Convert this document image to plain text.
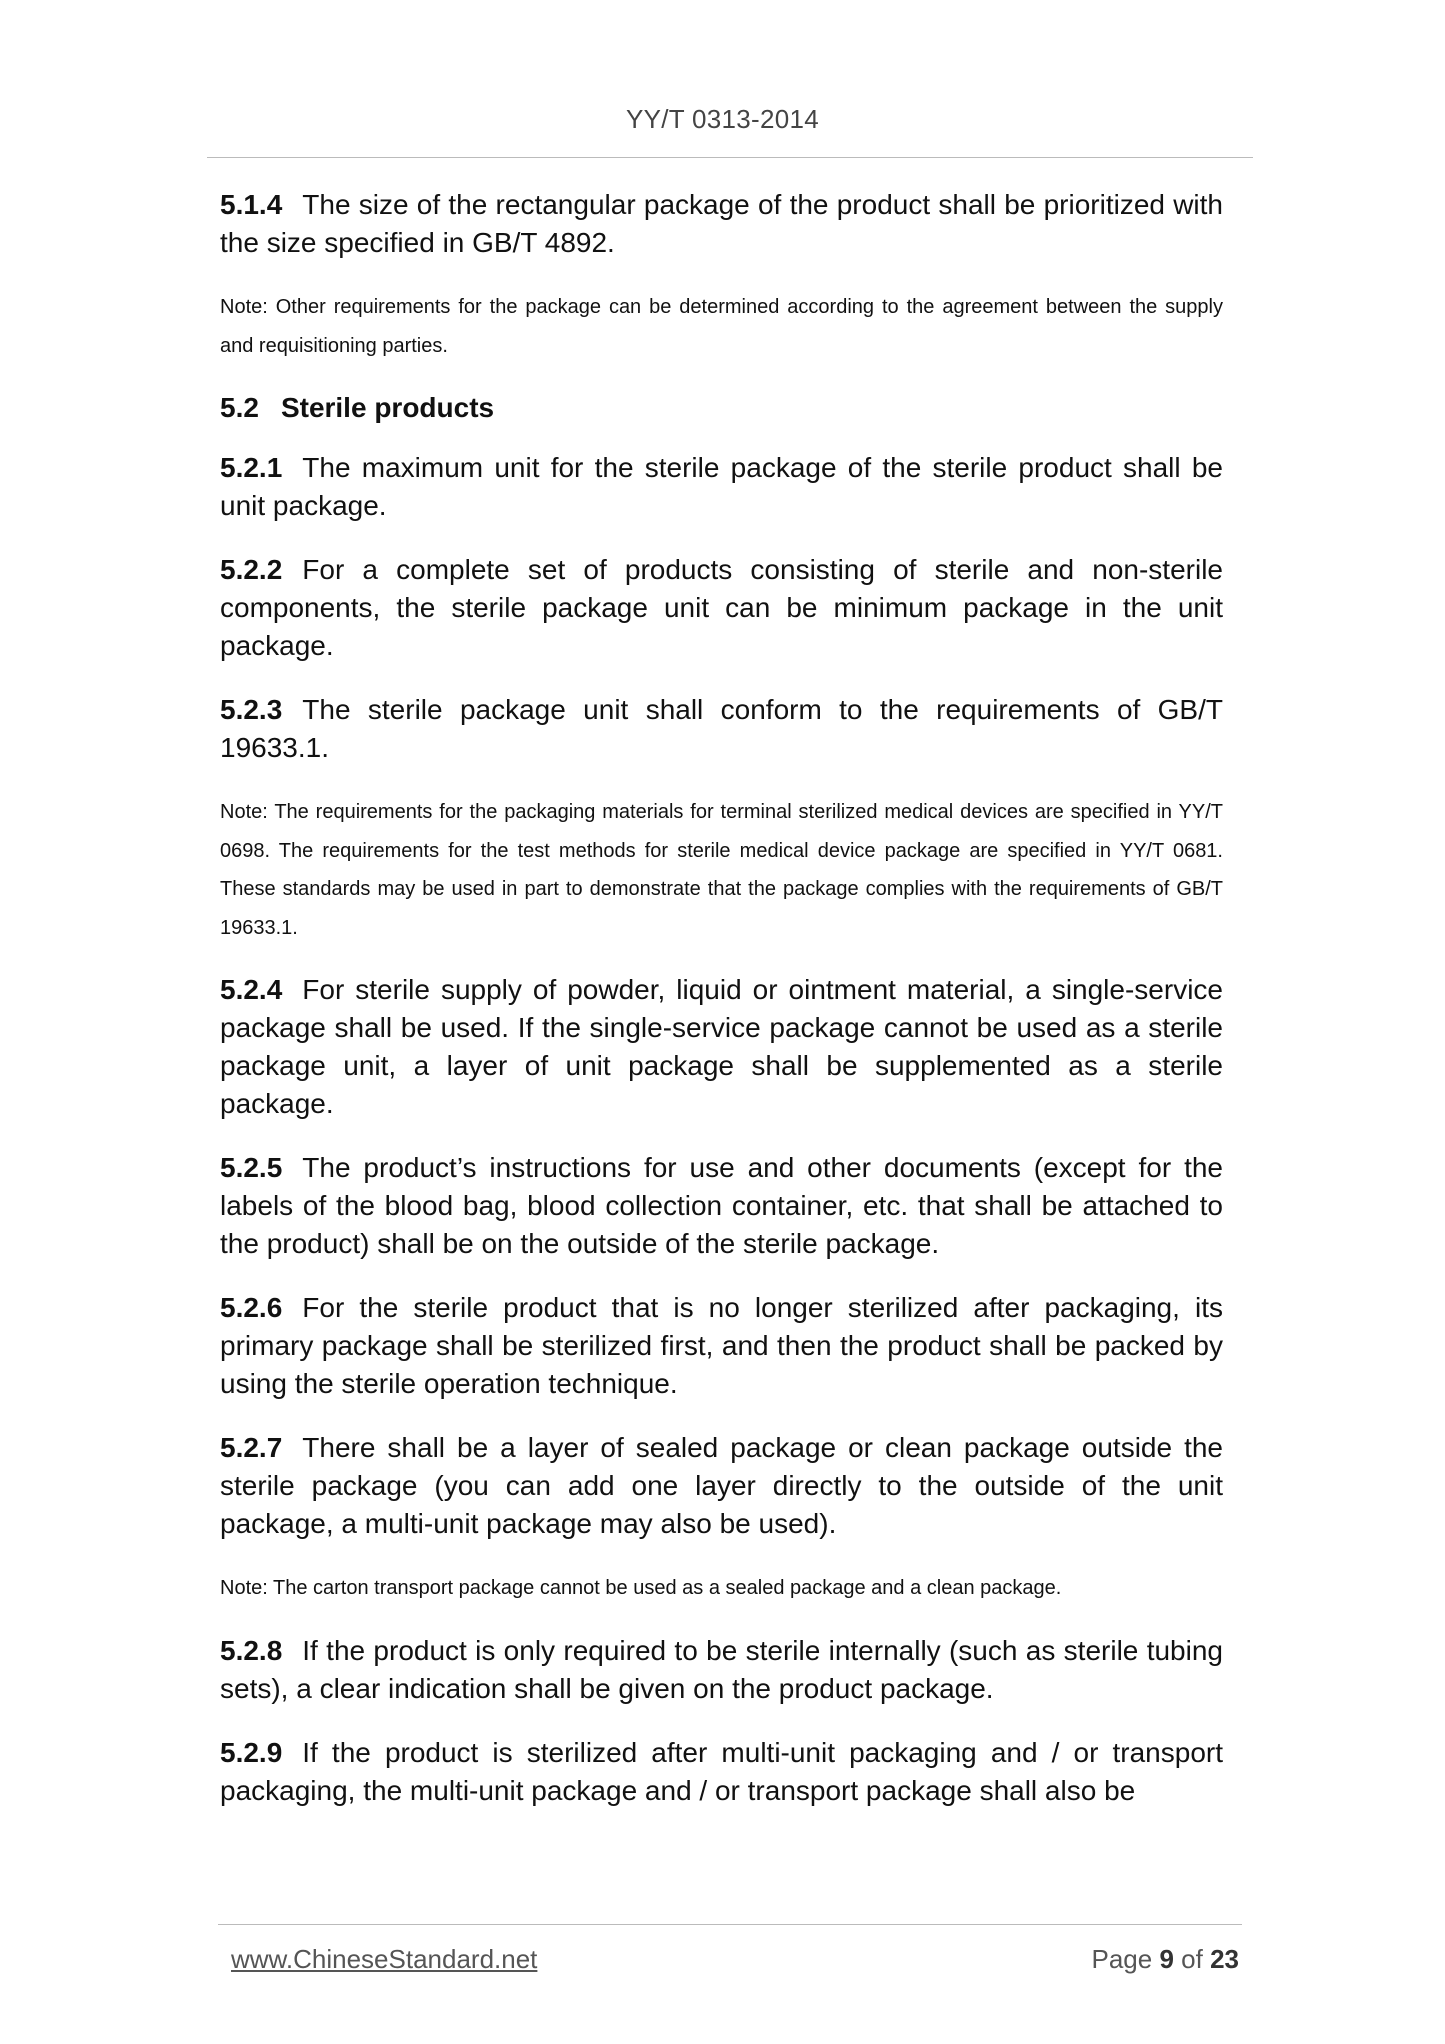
YY/T 0313-2014

5.1.4 The size of the rectangular package of the product shall be prioritized with the size specified in GB/T 4892.

Note: Other requirements for the package can be determined according to the agreement between the supply and requisitioning parties.

5.2 Sterile products

5.2.1 The maximum unit for the sterile package of the sterile product shall be unit package.

5.2.2 For a complete set of products consisting of sterile and non-sterile components, the sterile package unit can be minimum package in the unit package.

5.2.3 The sterile package unit shall conform to the requirements of GB/T 19633.1.

Note: The requirements for the packaging materials for terminal sterilized medical devices are specified in YY/T 0698. The requirements for the test methods for sterile medical device package are specified in YY/T 0681. These standards may be used in part to demonstrate that the package complies with the requirements of GB/T 19633.1.

5.2.4 For sterile supply of powder, liquid or ointment material, a single-service package shall be used. If the single-service package cannot be used as a sterile package unit, a layer of unit package shall be supplemented as a sterile package.

5.2.5 The product’s instructions for use and other documents (except for the labels of the blood bag, blood collection container, etc. that shall be attached to the product) shall be on the outside of the sterile package.

5.2.6 For the sterile product that is no longer sterilized after packaging, its primary package shall be sterilized first, and then the product shall be packed by using the sterile operation technique.

5.2.7 There shall be a layer of sealed package or clean package outside the sterile package (you can add one layer directly to the outside of the unit package, a multi-unit package may also be used).

Note: The carton transport package cannot be used as a sealed package and a clean package.

5.2.8 If the product is only required to be sterile internally (such as sterile tubing sets), a clear indication shall be given on the product package.

5.2.9 If the product is sterilized after multi-unit packaging and / or transport packaging, the multi-unit package and / or transport package shall also be

www.ChineseStandard.net	Page 9 of 23
